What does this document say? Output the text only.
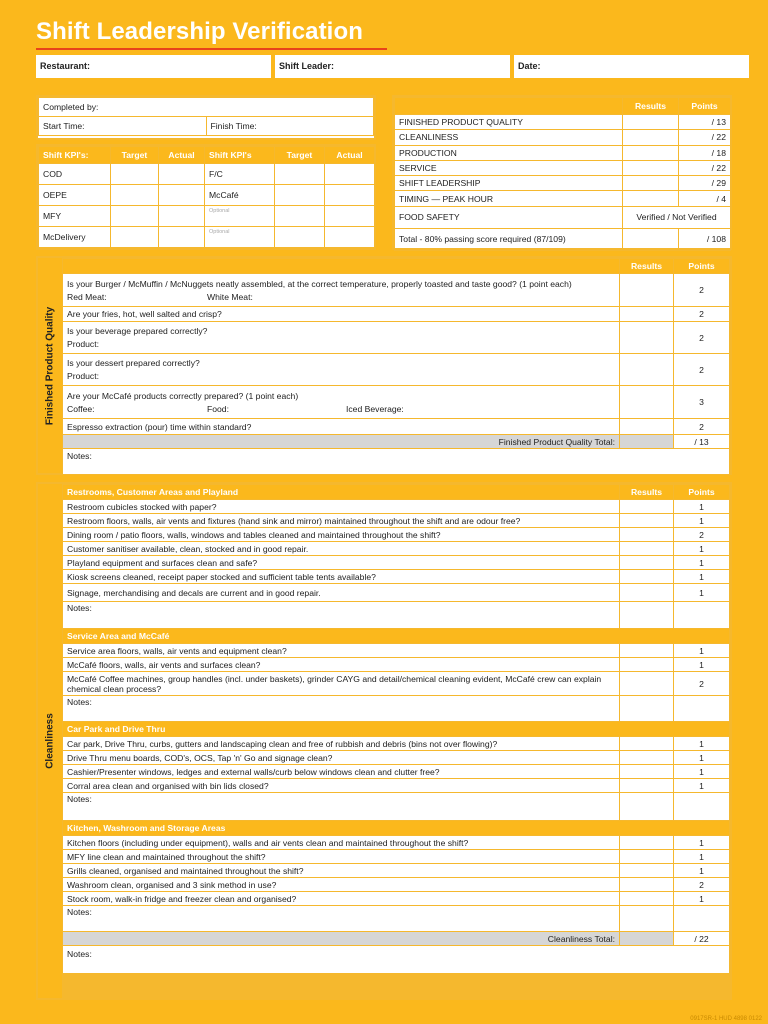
Shift Leadership Verification
Restaurant:	Shift Leader:	Date:
Completed by:
Start Time:	Finish Time:
Shift KPI's:	Target	Actual	Shift KPI's	Target	Actual
COD			F/C		
OEPE			McCafé		
MFY			Optional		

McDelivery			Optional		

	Results	Points
FINISHED PRODUCT QUALITY		/ 13
CLEANLINESS		/ 22
PRODUCTION		/ 18
SERVICE		/ 22
SHIFT LEADERSHIP		/ 29
TIMING — PEAK HOUR		/ 4
FOOD SAFETY	Verified / Not Verified	
Total - 80% passing score required (87/109)		/ 108
Finished Product Quality
	Results	Points

Is your Burger / McMuffin / McNuggets neatly assembled, at the correct temperature, properly toasted and taste good? (1 point each)
Red Meat: White Meat:		2
Are your fries, hot, well salted and crisp?		2

Is your beverage prepared correctly?
Product:		2

Is your dessert prepared correctly?
Product:		2

Are your McCafé products correctly prepared? (1 point each)
Coffee: Food: Iced Beverage:		3
Espresso extraction (pour) time within standard?		2
Finished Product Quality Total:		/ 13
Notes:		
Cleanliness
Restrooms, Customer Areas and Playland	Results	Points
Restroom cubicles stocked with paper?		1
Restroom floors, walls, air vents and fixtures (hand sink and mirror) maintained throughout the shift and are odour free?		1
Dining room / patio floors, walls, windows and tables cleaned and maintained throughout the shift?		2
Customer sanitiser available, clean, stocked and in good repair.		1
Playland equipment and surfaces clean and safe?		1
Kiosk screens cleaned, receipt paper stocked and sufficient table tents available?		1
Signage, merchandising and decals are current and in good repair.		1
Notes:		
Service Area and McCafé		
Service area floors, walls, air vents and equipment clean?		1
McCafé floors, walls, air vents and surfaces clean?		1
McCafé Coffee machines, group handles (incl. under baskets), grinder CAYG and detail/chemical cleaning evident, McCafé crew can explain chemical clean process?		2
Notes:		
Car Park and Drive Thru		
Car park, Drive Thru, curbs, gutters and landscaping clean and free of rubbish and debris (bins not over flowing)?		1
Drive Thru menu boards, COD's, OCS, Tap 'n' Go and signage clean?		1
Cashier/Presenter windows, ledges and external walls/curb below windows clean and clutter free?		1
Corral area clean and organised with bin lids closed?		1
Notes:		
Kitchen, Washroom and Storage Areas		
Kitchen floors (including under equipment), walls and air vents clean and maintained throughout the shift?		1
MFY line clean and maintained throughout the shift?		1
Grills cleaned, organised and maintained throughout the shift?		1
Washroom clean, organised and 3 sink method in use?		2
Stock room, walk-in fridge and freezer clean and organised?		1
Notes:		
Cleanliness Total:		/ 22
Notes:		
0917SR-1 HUD 4898 0122
